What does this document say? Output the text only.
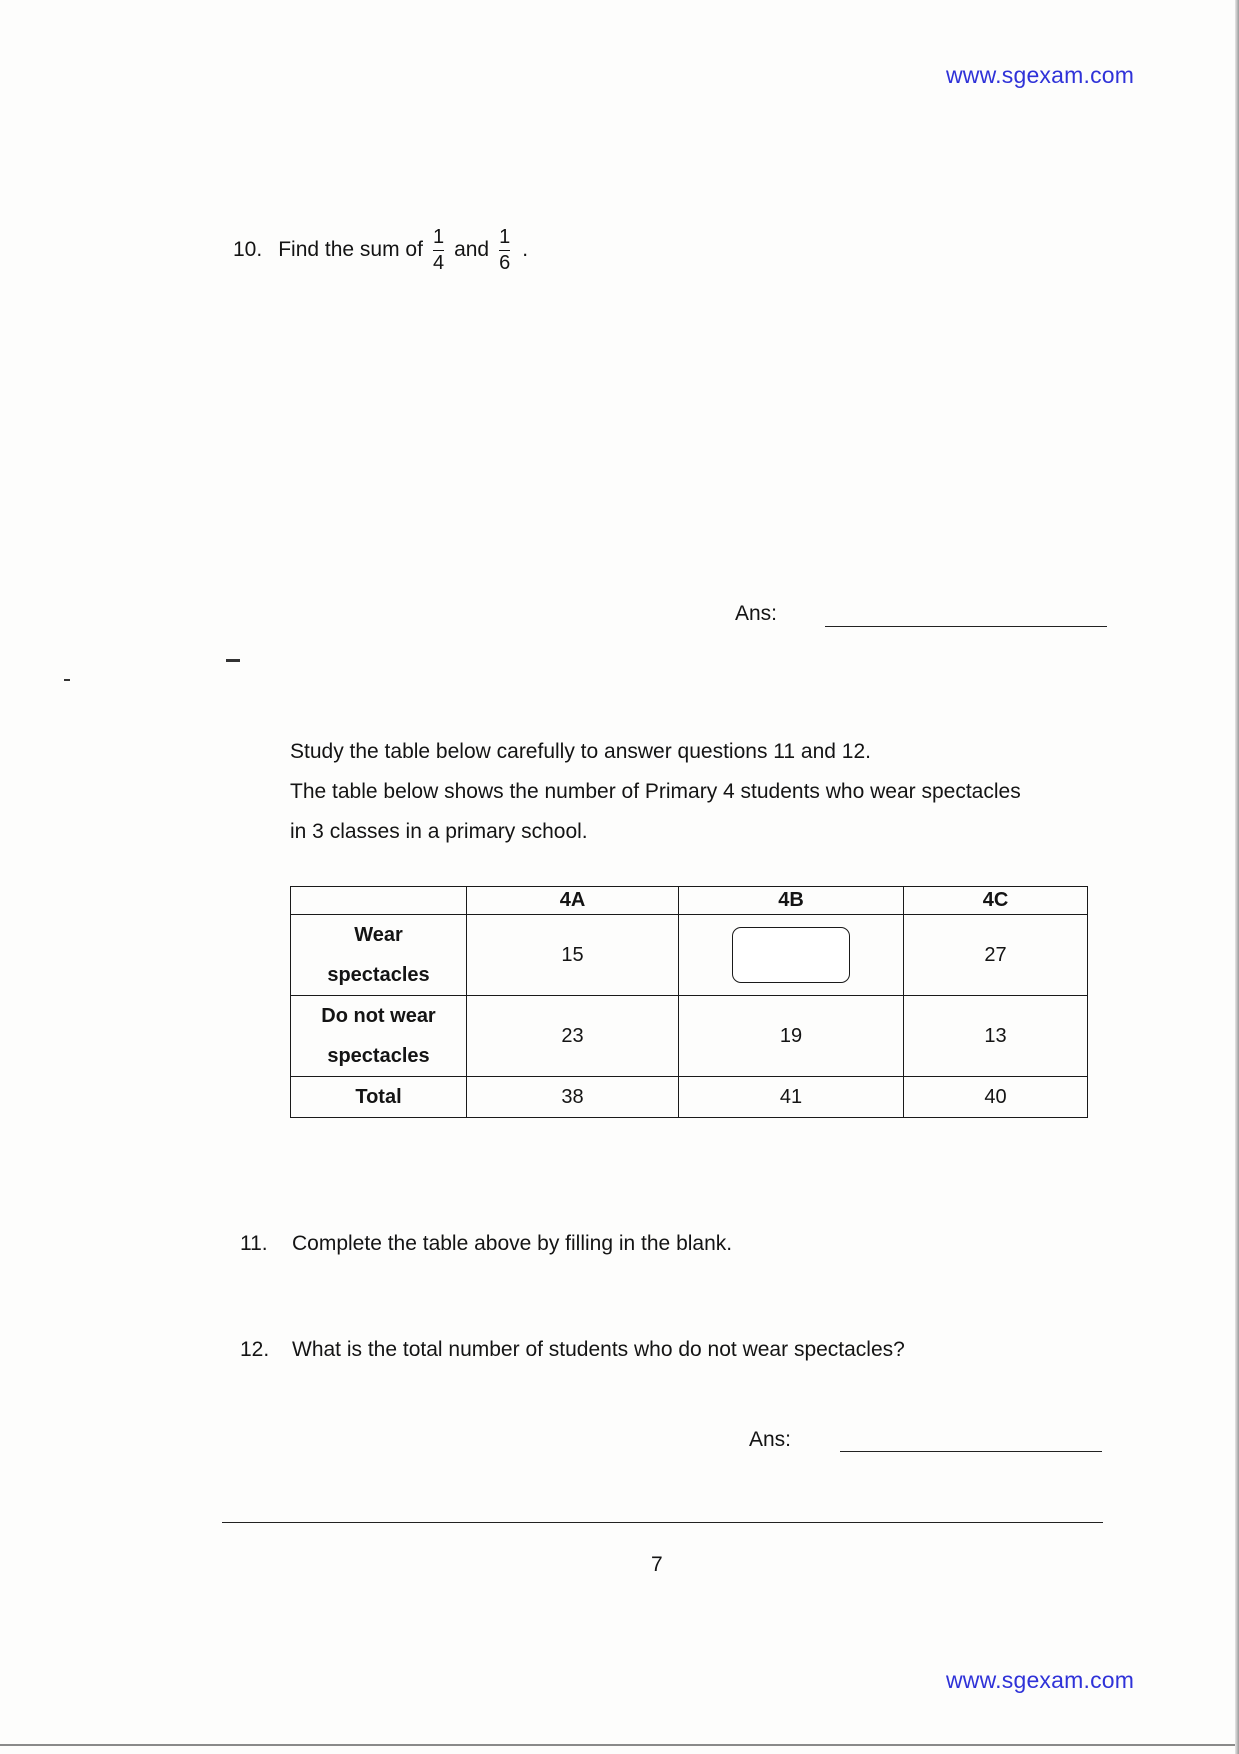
www.sgexam.com
10. Find the sum of $\frac{1}{4}$ and $\frac{1}{6}$ .
Ans:

Study the table below carefully to answer questions 11 and 12.

The table below shows the number of Primary 4 students who wear spectacles

in 3 classes in a primary school.

	4A	4B	4C

Wear
spectacles	15		27

Do not wear
spectacles	23	19	13
Total	38	41	40
11. Complete the table above by filling in the blank.
12. What is the total number of students who do not wear spectacles?
Ans:
7
www.sgexam.com
